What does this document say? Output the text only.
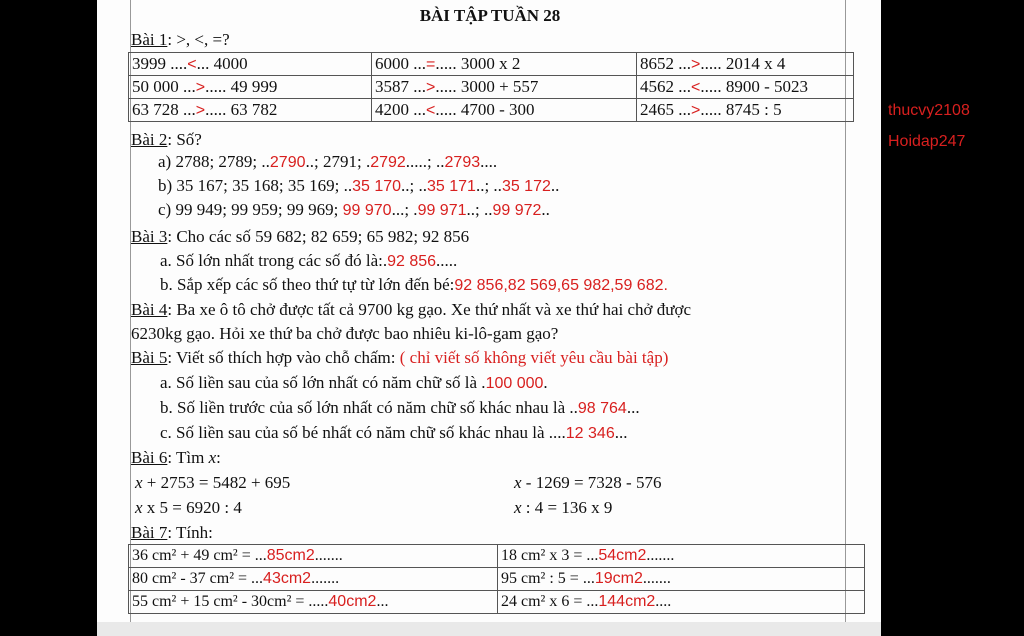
thucvy2108
Hoidap247
BÀI TẬP TUẦN 28
Bài 1: >, <, =?
3999 ....<... 4000	6000 ...=..... 3000 x 2	8652 ...>..... 2014 x 4
50 000 ...>..... 49 999	3587 ...>..... 3000 + 557	4562 ...<..... 8900 - 5023
63 728 ...>..... 63 782	4200 ...<..... 4700 - 300	2465 ...>..... 8745 : 5
Bài 2: Số?
a) 2788; 2789; ..2790..; 2791; .2792.....; ..2793....
b) 35 167; 35 168; 35 169; ..35 170..; ..35 171..; ..35 172..
c) 99 949; 99 959; 99 969; 99 970...; .99 971..; ..99 972..
Bài 3: Cho các số 59 682; 82 659; 65 982; 92 856
a. Số lớn nhất trong các số đó là:.92 856.....
b. Sắp xếp các số theo thứ tự từ lớn đến bé:92 856,82 569,65 982,59 682.
Bài 4: Ba xe ô tô chở được tất cả 9700 kg gạo. Xe thứ nhất và xe thứ hai chở được
6230kg gạo. Hỏi xe thứ ba chở được bao nhiêu ki-lô-gam gạo?
Bài 5: Viết số thích hợp vào chỗ chấm: ( chỉ viết số không viết yêu cầu bài tập)
a. Số liền sau của số lớn nhất có năm chữ số là .100 000.
b. Số liền trước của số lớn nhất có năm chữ số khác nhau là ..98 764...
c. Số liền sau của số bé nhất có năm chữ số khác nhau là ....12 346...
Bài 6: Tìm x:
x + 2753 = 5482 + 695	x - 1269 = 7328 - 576
x x 5 = 6920 : 4	x : 4 = 136 x 9
Bài 7: Tính:
36 cm² + 49 cm² = ...85cm2.......	18 cm² x 3 = ...54cm2.......
80 cm² - 37 cm² = ...43cm2.......	95 cm² : 5 = ...19cm2.......
55 cm² + 15 cm² - 30cm² = .....40cm2...	24 cm² x 6 = ...144cm2....
